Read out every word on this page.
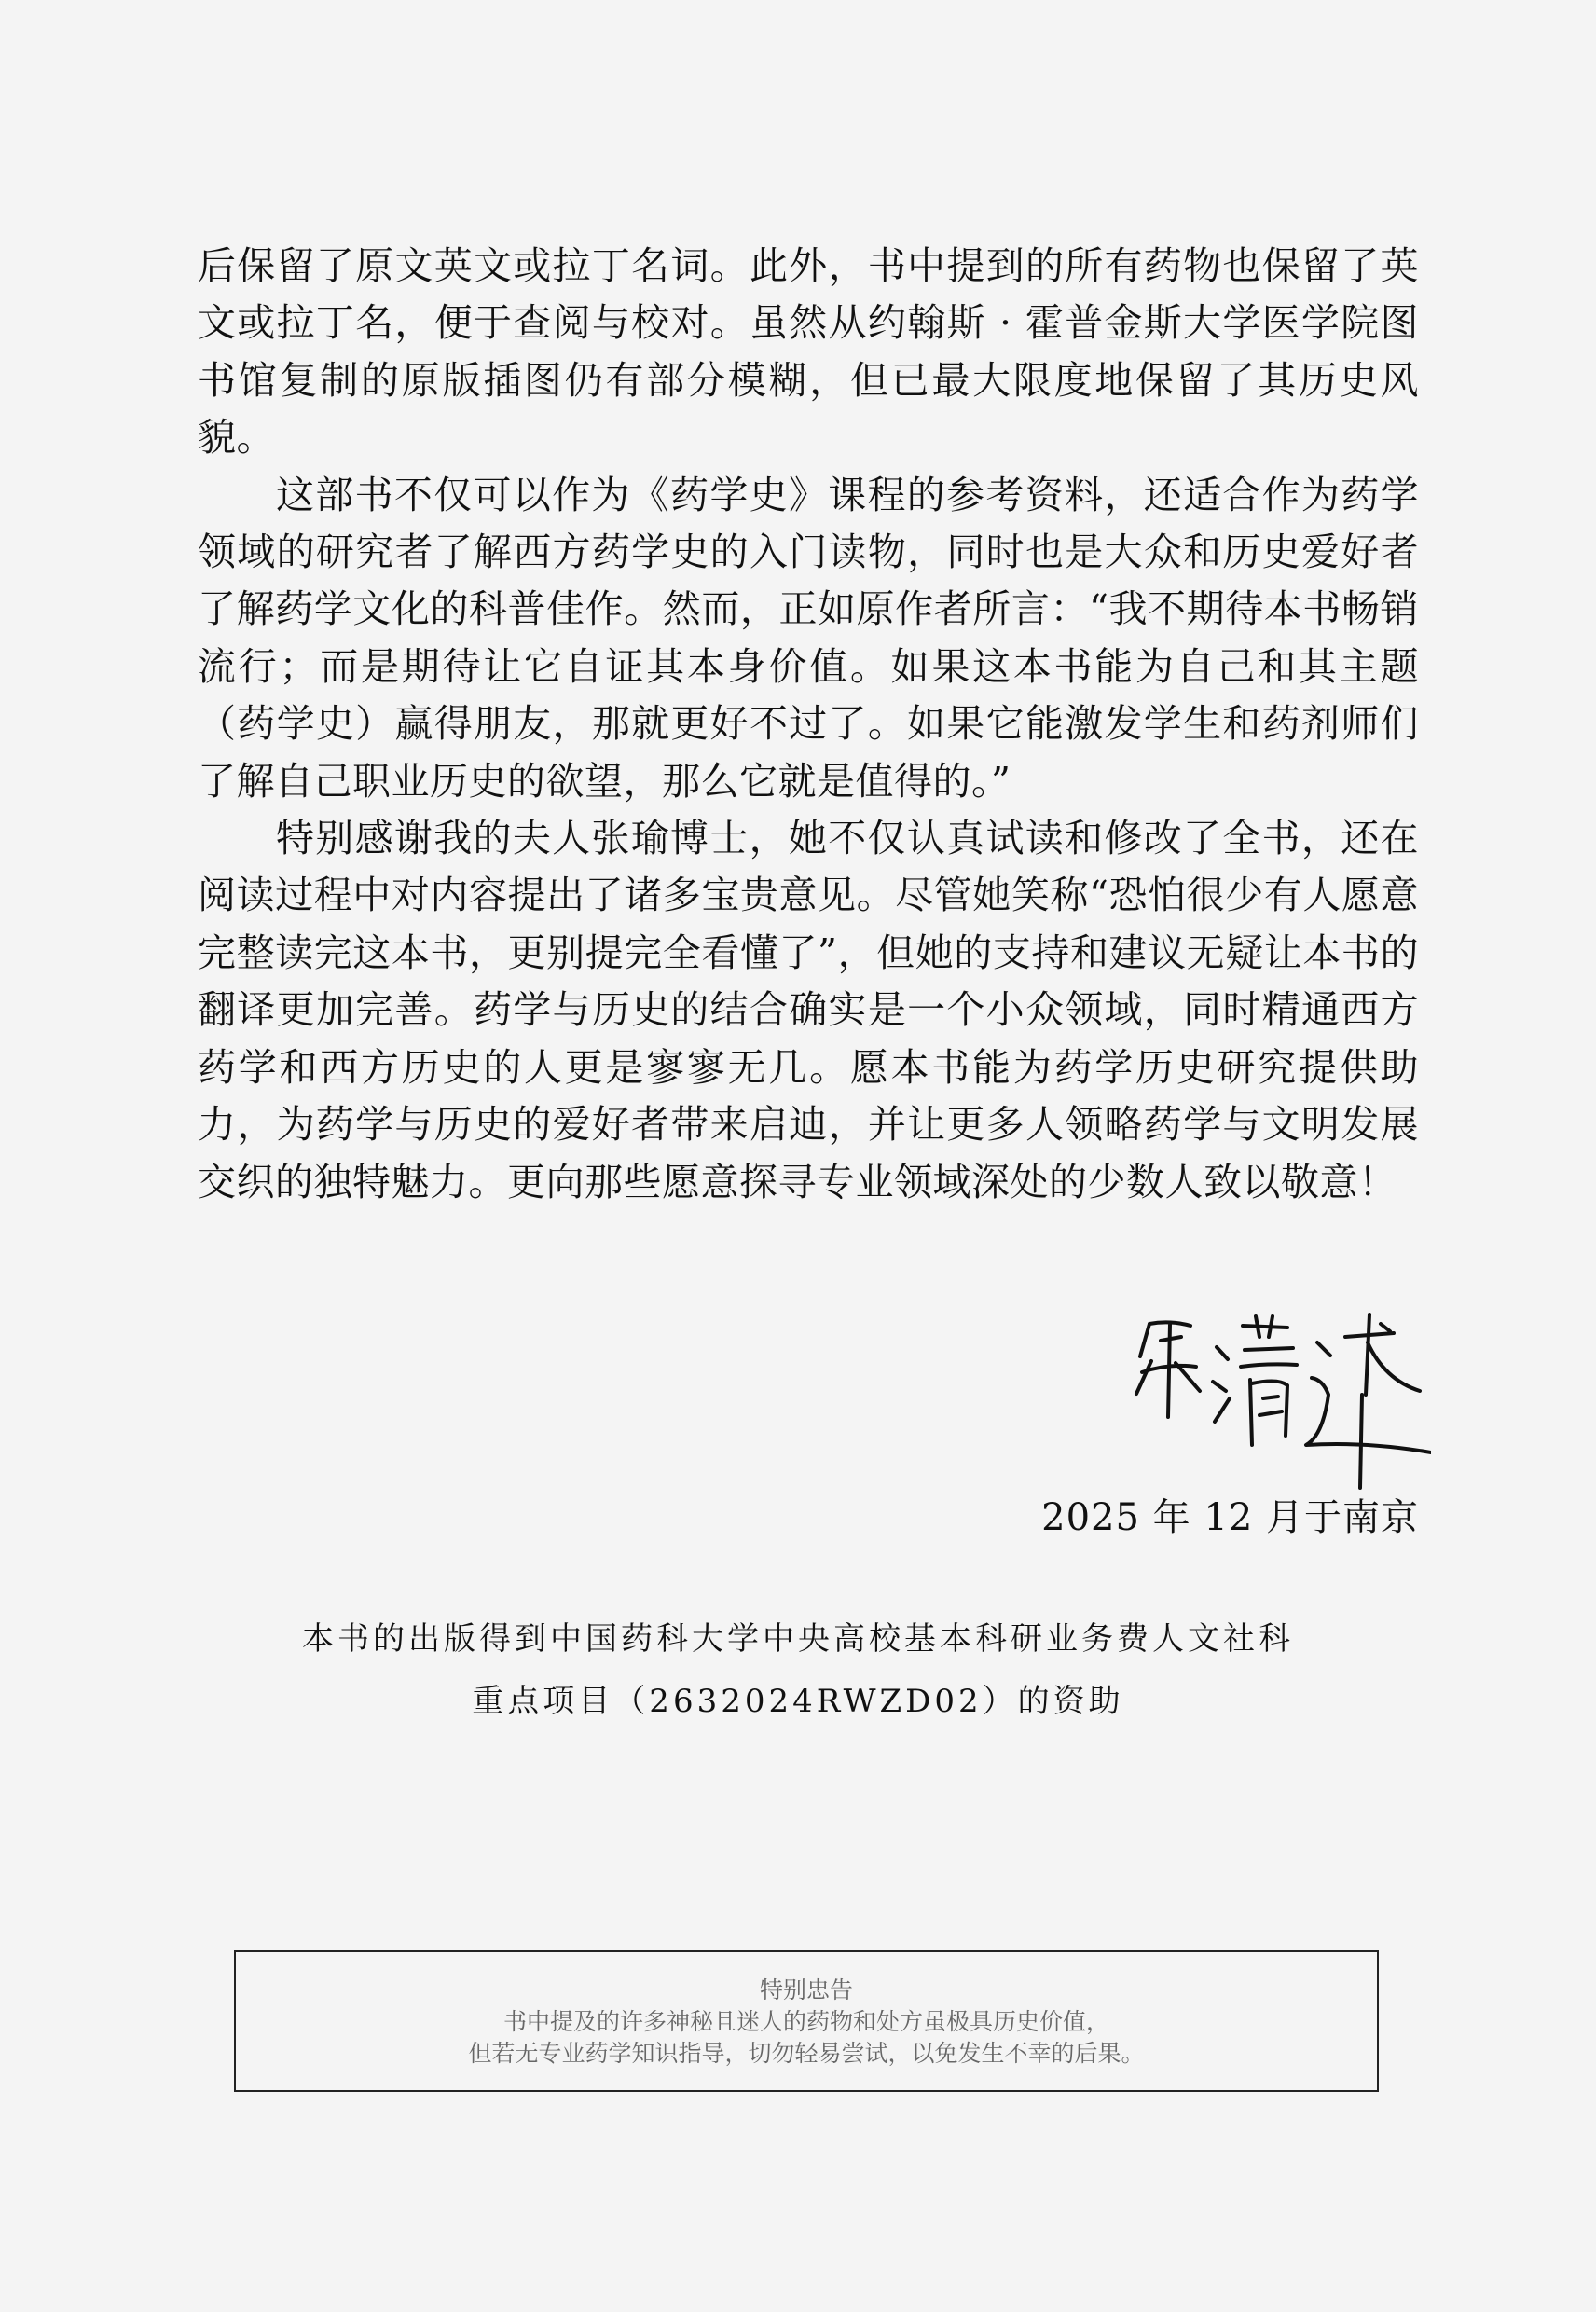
后保留了原文英文或拉丁名词。此外，书中提到的所有药物也保留了英文或拉丁名，便于查阅与校对。虽然从约翰斯 · 霍普金斯大学医学院图书馆复制的原版插图仍有部分模糊，但已最大限度地保留了其历史风貌。

这部书不仅可以作为《药学史》课程的参考资料，还适合作为药学领域的研究者了解西方药学史的入门读物，同时也是大众和历史爱好者了解药学文化的科普佳作。然而，正如原作者所言：“我不期待本书畅销流行；而是期待让它自证其本身价值。如果这本书能为自己和其主题（药学史）赢得朋友，那就更好不过了。如果它能激发学生和药剂师们了解自己职业历史的欲望，那么它就是值得的。”

特别感谢我的夫人张瑜博士，她不仅认真试读和修改了全书，还在阅读过程中对内容提出了诸多宝贵意见。尽管她笑称“恐怕很少有人愿意完整读完这本书，更别提完全看懂了”，但她的支持和建议无疑让本书的翻译更加完善。药学与历史的结合确实是一个小众领域，同时精通西方药学和西方历史的人更是寥寥无几。愿本书能为药学历史研究提供助力，为药学与历史的爱好者带来启迪，并让更多人领略药学与文明发展交织的独特魅力。更向那些愿意探寻专业领域深处的少数人致以敬意！

2025 年 12 月于南京
本书的出版得到中国药科大学中央高校基本科研业务费人文社科
重点项目（2632024RWZD02）的资助
特别忠告
书中提及的许多神秘且迷人的药物和处方虽极具历史价值，
但若无专业药学知识指导，切勿轻易尝试，以免发生不幸的后果。
